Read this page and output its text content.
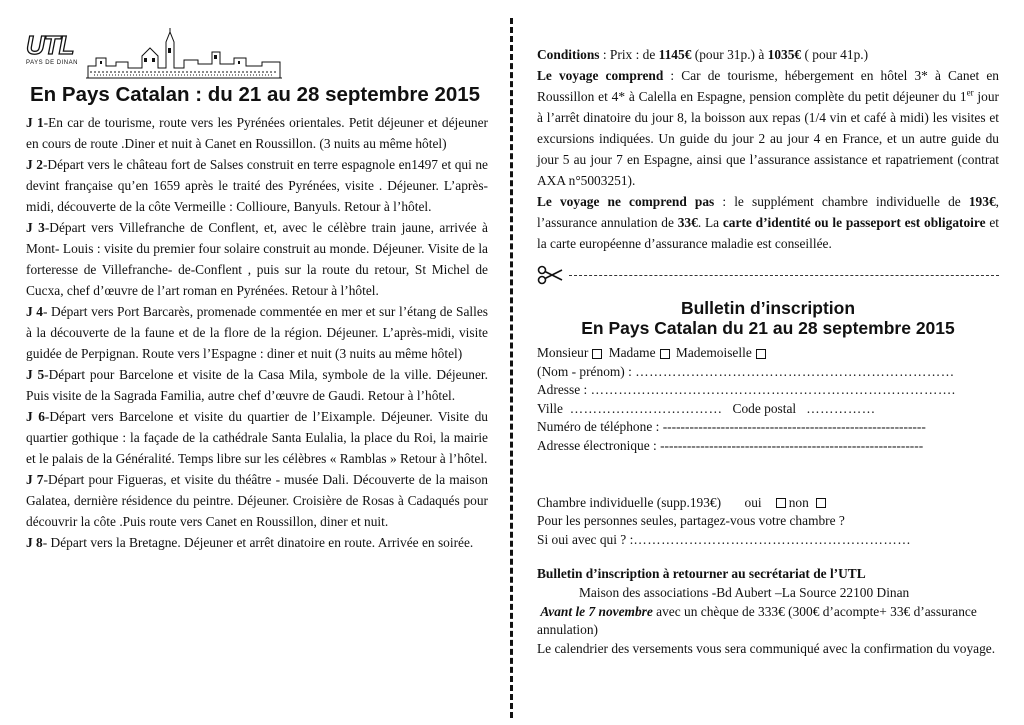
UTL
PAYS DE DINAN
En Pays Catalan : du 21 au 28 septembre 2015
J 1-En car de tourisme, route vers les Pyrénées orientales. Petit déjeuner et déjeuner en cours de route .Diner et nuit à Canet en Roussillon. (3 nuits au même hôtel)
J 2-Départ vers le château fort de Salses construit en terre espagnole en1497 et qui ne devint française qu’en 1659 après le traité des Pyrénées, visite . Déjeuner. L’après- midi, découverte de la côte Vermeille : Collioure, Banyuls. Retour à l’hôtel.
J 3-Départ vers Villefranche de Conflent, et, avec le célèbre train jaune, arrivée à Mont- Louis : visite du premier four solaire construit au monde. Déjeuner. Visite de la forteresse de Villefranche- de-Conflent , puis sur la route du retour, St Michel de Cucxa, chef d’œuvre de l’art roman en Pyrénées. Retour à l’hôtel.
J 4- Départ vers Port Barcarès, promenade commentée en mer et sur l’étang de Salles à la découverte de la faune et de la flore de la région. Déjeuner. L’après-midi, visite guidée de Perpignan. Route vers l’Espagne : diner et nuit (3 nuits au même hôtel)
J 5-Départ pour Barcelone et visite de la Casa Mila, symbole de la ville. Déjeuner. Puis visite de la Sagrada Familia, autre chef d’œuvre de Gaudi. Retour à l’hôtel.
J 6-Départ vers Barcelone et visite du quartier de l’Eixample. Déjeuner. Visite du quartier gothique : la façade de la cathédrale Santa Eulalia, la place du Roi, la mairie et le palais de la Généralité. Temps libre sur les célèbres « Ramblas » Retour à l’hôtel.
J 7-Départ pour Figueras, et visite du théâtre - musée Dali. Découverte de la maison Galatea, dernière résidence du peintre. Déjeuner. Croisière de Rosas à Cadaqués pour découvrir la côte .Puis route vers Canet en Roussillon, diner et nuit.
J 8- Départ vers la Bretagne. Déjeuner et arrêt dinatoire en route. Arrivée en soirée.

Conditions : Prix : de 1145€ (pour 31p.) à 1035€ ( pour 41p.)

Le voyage comprend : Car de tourisme, hébergement en hôtel 3* à Canet en Roussillon et 4* à Calella en Espagne, pension complète du petit déjeuner du 1er jour à l’arrêt dinatoire du jour 8, la boisson aux repas (1/4 vin et café à midi) les visites et excursions indiquées. Un guide du jour 2 au jour 4 en France, et un autre guide du jour 5 au jour 7 en Espagne, ainsi que l’assurance assistance et rapatriement (contrat AXA n°5003251).

Le voyage ne comprend pas : le supplément chambre individuelle de 193€, l’assurance annulation de 33€. La carte d’identité ou le passeport est obligatoire et la carte européenne d’assurance maladie est conseillée.

Bulletin d’inscription
En Pays Catalan du 21 au 28 septembre 2015
Monsieur Madame Mademoiselle
(Nom - prénom) : ……………………………………………………………
Adresse : …………………………………………………………………….
Ville …………………………… Code postal ……………
Numéro de téléphone : -----------------------------------------------------------
Adresse électronique : -----------------------------------------------------------
Chambre individuelle (supp.193€) oui non
Pour les personnes seules, partagez-vous votre chambre ?
Si oui avec qui ? :……………………………………………………
Bulletin d’inscription à retourner au secrétariat de l’UTL
Maison des associations -Bd Aubert –La Source 22100 Dinan
Avant le 7 novembre avec un chèque de 333€ (300€ d’acompte+ 33€ d’assurance annulation)
Le calendrier des versements vous sera communiqué avec la confirmation du voyage.
